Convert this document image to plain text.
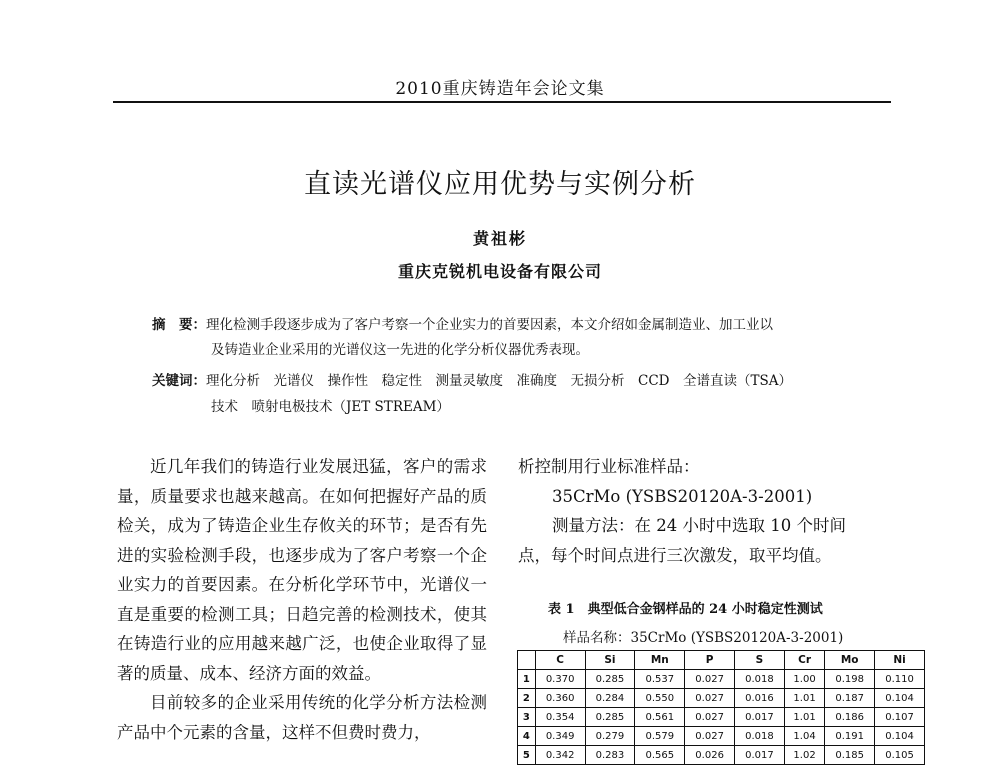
2010重庆铸造年会论文集
直读光谱仪应用优势与实例分析
黄祖彬
重庆克锐机电设备有限公司
摘　要：理化检测手段逐步成为了客户考察一个企业实力的首要因素，本文介绍如金属制造业、加工业以
及铸造业企业采用的光谱仪这一先进的化学分析仪器优秀表现。
关键词：理化分析　光谱仪　操作性　稳定性　测量灵敏度　准确度　无损分析　CCD　全谱直读（TSA）
技术　喷射电极技术（JET STREAM）

近几年我们的铸造行业发展迅猛，客户的需求量，质量要求也越来越高。在如何把握好产品的质检关，成为了铸造企业生存攸关的环节；是否有先进的实验检测手段，也逐步成为了客户考察一个企业实力的首要因素。在分析化学环节中，光谱仪一直是重要的检测工具；日趋完善的检测技术，使其在铸造行业的应用越来越广泛，也使企业取得了显著的质量、成本、经济方面的效益。

目前较多的企业采用传统的化学分析方法检测产品中个元素的含量，这样不但费时费力，

析控制用行业标准样品：
35CrMo (YSBS20120A-3-2001)
测量方法：在 24 小时中选取 10 个时间
点，每个时间点进行三次激发，取平均值。
表 1　典型低合金钢样品的 24 小时稳定性测试
样品名称：35CrMo (YSBS20120A-3-2001)
	C	Si	Mn	P	S	Cr	Mo	Ni
1	0.370	0.285	0.537	0.027	0.018	1.00	0.198	0.110
2	0.360	0.284	0.550	0.027	0.016	1.01	0.187	0.104
3	0.354	0.285	0.561	0.027	0.017	1.01	0.186	0.107
4	0.349	0.279	0.579	0.027	0.018	1.04	0.191	0.104
5	0.342	0.283	0.565	0.026	0.017	1.02	0.185	0.105
